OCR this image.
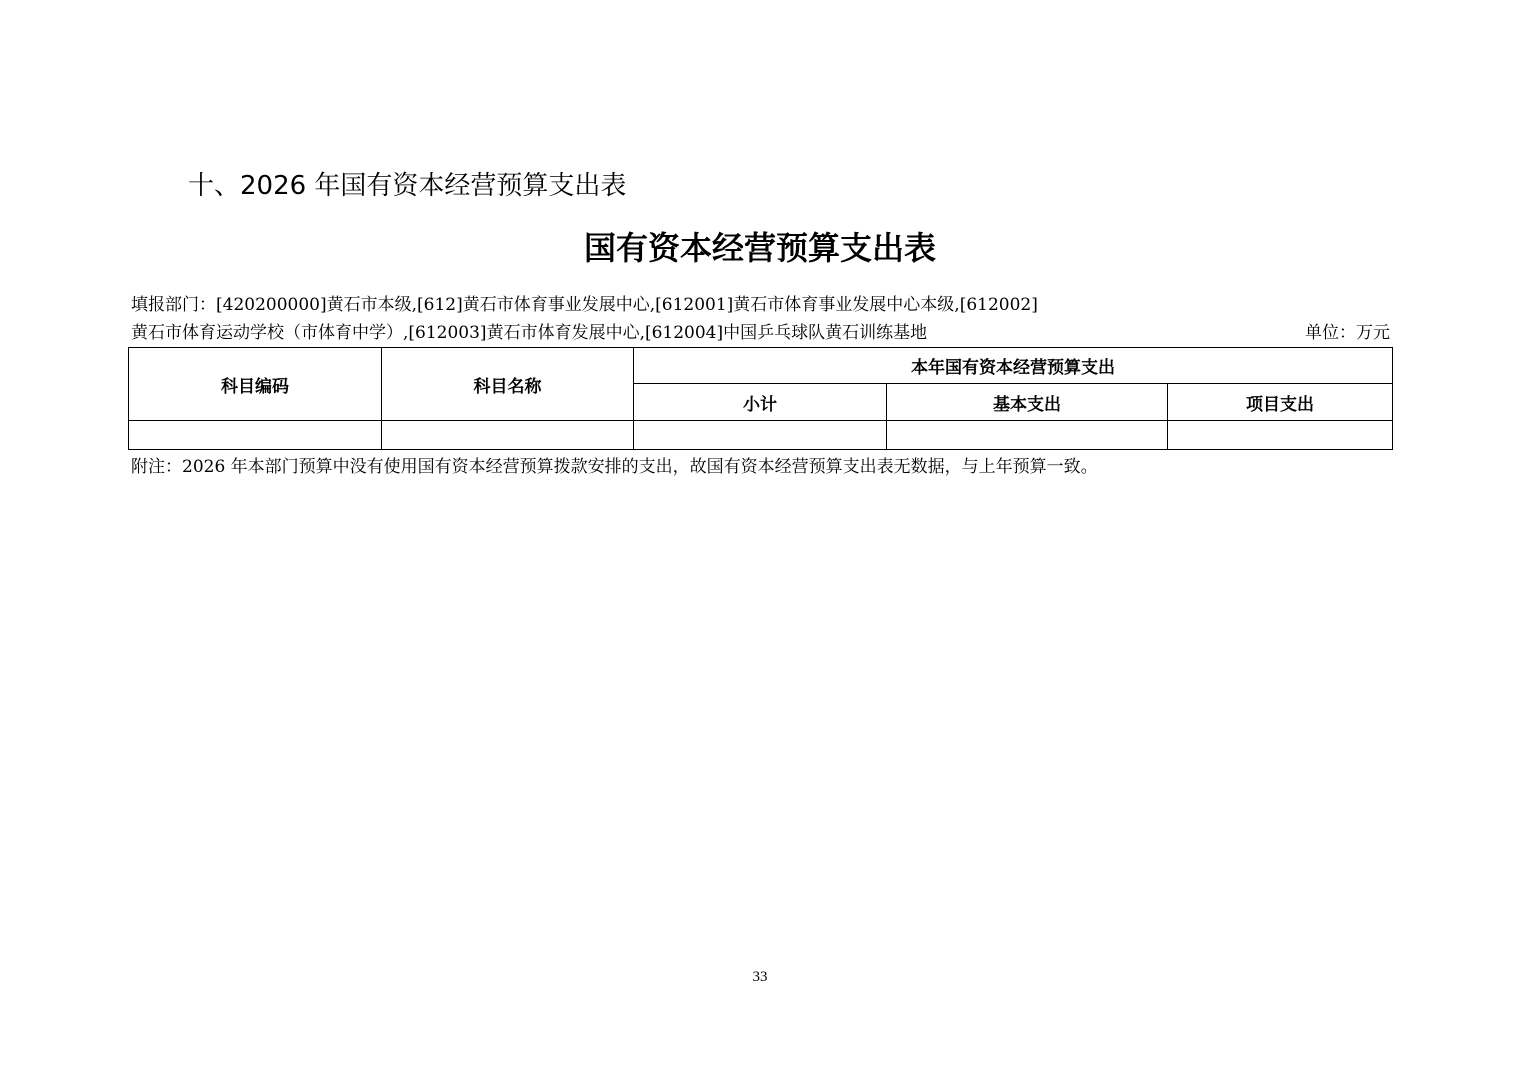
十、2026 年国有资本经营预算支出表
国有资本经营预算支出表
填报部门：[420200000]黄石市本级,[612]黄石市体育事业发展中心,[612001]黄石市体育事业发展中心本级,[612002]
黄石市体育运动学校（市体育中学）,[612003]黄石市体育发展中心,[612004]中国乒乓球队黄石训练基地	单位：万元
科目编码	科目名称	本年国有资本经营预算支出		
		小计	基本支出	项目支出

附注：2026 年本部门预算中没有使用国有资本经营预算拨款安排的支出，故国有资本经营预算支出表无数据，与上年预算一致。
33
